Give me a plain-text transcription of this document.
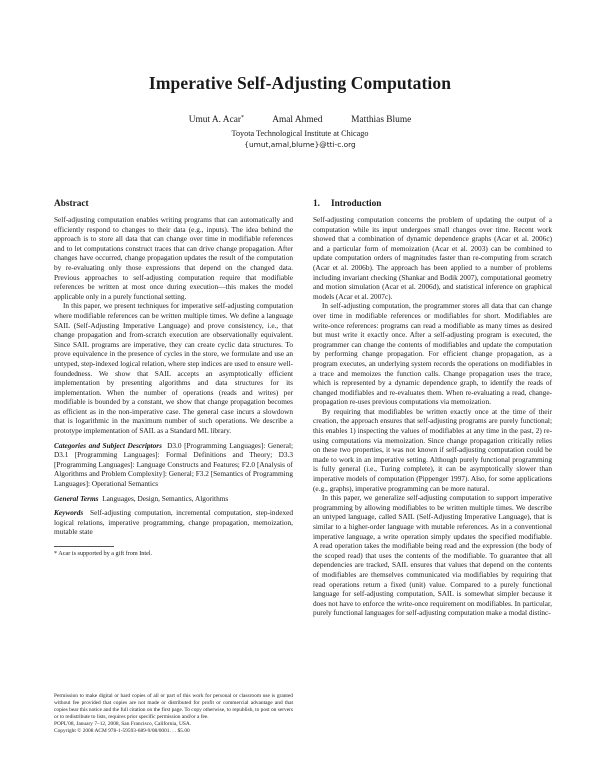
Imperative Self-Adjusting Computation
Umut A. Acar*	Amal Ahmed	Matthias Blume
Toyota Technological Institute at Chicago
{umut,amal,blume}@tti-c.org
Abstract

Self-adjusting computation enables writing programs that can automatically and efficiently respond to changes to their data (e.g., inputs). The idea behind the approach is to store all data that can change over time in modifiable references and to let computations construct traces that can drive change propagation. After changes have occurred, change propagation updates the result of the computation by re-evaluating only those expressions that depend on the changed data. Previous approaches to self-adjusting computation require that modifiable references be written at most once during execution—this makes the model applicable only in a purely functional setting.

In this paper, we present techniques for imperative self-adjusting computation where modifiable references can be written multiple times. We define a language SAIL (Self-Adjusting Imperative Language) and prove consistency, i.e., that change propagation and from-scratch execution are observationally equivalent. Since SAIL programs are imperative, they can create cyclic data structures. To prove equivalence in the presence of cycles in the store, we formulate and use an untyped, step-indexed logical relation, where step indices are used to ensure well-foundedness. We show that SAIL accepts an asymptotically efficient implementation by presenting algorithms and data structures for its implementation. When the number of operations (reads and writes) per modifiable is bounded by a constant, we show that change propagation becomes as efficient as in the non-imperative case. The general case incurs a slowdown that is logarithmic in the maximum number of such operations. We describe a prototype implementation of SAIL as a Standard ML library.

Categories and Subject Descriptors D3.0 [Programming Languages]: General; D3.1 [Programming Languages]: Formal Definitions and Theory; D3.3 [Programming Languages]: Language Constructs and Features; F2.0 [Analysis of Algorithms and Problem Complexity]: General; F3.2 [Semantics of Programming Languages]: Operational Semantics

General Terms Languages, Design, Semantics, Algorithms

Keywords Self-adjusting computation, incremental computation, step-indexed logical relations, imperative programming, change propagation, memoization, mutable state

* Acar is supported by a gift from Intel.

Permission to make digital or hard copies of all or part of this work for personal or classroom use is granted without fee provided that copies are not made or distributed for profit or commercial advantage and that copies bear this notice and the full citation on the first page. To copy otherwise, to republish, to post on servers or to redistribute to lists, requires prior specific permission and/or a fee.

POPL'08, January 7–12, 2008, San Francisco, California, USA.

Copyright © 2008 ACM 978-1-59593-689-9/08/0001. . . $5.00

1. Introduction

Self-adjusting computation concerns the problem of updating the output of a computation while its input undergoes small changes over time. Recent work showed that a combination of dynamic dependence graphs (Acar et al. 2006c) and a particular form of memoization (Acar et al. 2003) can be combined to update computation orders of magnitudes faster than re-computing from scratch (Acar et al. 2006b). The approach has been applied to a number of problems including invariant checking (Shankar and Bodik 2007), computational geometry and motion simulation (Acar et al. 2006d), and statistical inference on graphical models (Acar et al. 2007c).

In self-adjusting computation, the programmer stores all data that can change over time in modifiable references or modifiables for short. Modifiables are write-once references: programs can read a modifiable as many times as desired but must write it exactly once. After a self-adjusting program is executed, the programmer can change the contents of modifiables and update the computation by performing change propagation. For efficient change propagation, as a program executes, an underlying system records the operations on modifiables in a trace and memoizes the function calls. Change propagation uses the trace, which is represented by a dynamic dependence graph, to identify the reads of changed modifiables and re-evaluates them. When re-evaluating a read, change-propagation re-uses previous computations via memoization.

By requiring that modifiables be written exactly once at the time of their creation, the approach ensures that self-adjusting programs are purely functional; this enables 1) inspecting the values of modifiables at any time in the past, 2) re-using computations via memoization. Since change propagation critically relies on these two properties, it was not known if self-adjusting computation could be made to work in an imperative setting. Although purely functional programming is fully general (i.e., Turing complete), it can be asymptotically slower than imperative models of computation (Pippenger 1997). Also, for some applications (e.g., graphs), imperative programming can be more natural.

In this paper, we generalize self-adjusting computation to support imperative programming by allowing modifiables to be written multiple times. We describe an untyped language, called SAIL (Self-Adjusting Imperative Language), that is similar to a higher-order language with mutable references. As in a conventional imperative language, a write operation simply updates the specified modifiable. A read operation takes the modifiable being read and the expression (the body of the scoped read) that uses the contents of the modifiable. To guarantee that all dependencies are tracked, SAIL ensures that values that depend on the contents of modifiables are themselves communicated via modifiables by requiring that read operations return a fixed (unit) value. Compared to a purely functional language for self-adjusting computation, SAIL is somewhat simpler because it does not have to enforce the write-once requirement on modifiables. In particular, purely functional languages for self-adjusting computation make a modal distinc-
